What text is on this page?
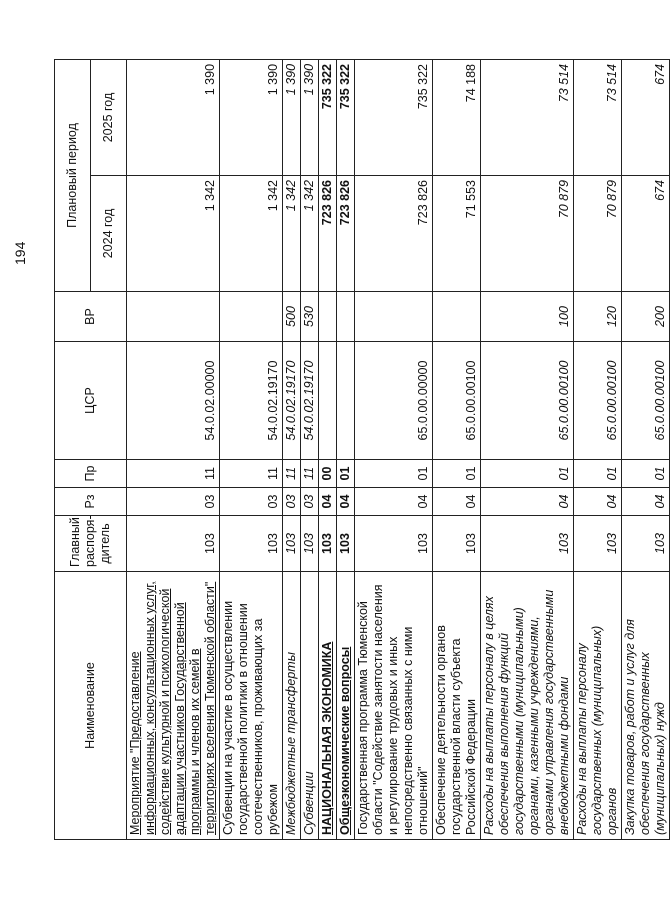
194
Наименование	Главный распоря-дитель	Рз	Пр	ЦСР	ВР	Плановый период	
						2024 год	2025 год
Мероприятие "Предоставление информационных, консультационных услуг, содействие культурной и психологической адаптации участников Государственной программы и членов их семей в территориях вселения Тюменской области"	103	03	11	54.0.02.00000		1 342	1 390
Субвенции на участие в осуществлении государственной политики в отношении соотечественников, проживающих за рубежом	103	03	11	54.0.02.19170		1 342	1 390
Межбюджетные трансферты	103	03	11	54.0.02.19170	500	1 342	1 390
Субвенции	103	03	11	54.0.02.19170	530	1 342	1 390
НАЦИОНАЛЬНАЯ ЭКОНОМИКА	103	04	00			723 826	735 322
Общеэкономические вопросы	103	04	01			723 826	735 322
Государственная программа Тюменской области "Содействие занятости населения и регулирование трудовых и иных непосредственно связанных с ними отношений"	103	04	01	65.0.00.00000		723 826	735 322
Обеспечение деятельности органов государственной власти субъекта Российской Федерации	103	04	01	65.0.00.00100		71 553	74 188
Расходы на выплаты персоналу в целях обеспечения выполнения функций государственными (муниципальными) органами, казенными учреждениями, органами управления государственными внебюджетными фондами	103	04	01	65.0.00.00100	100	70 879	73 514
Расходы на выплаты персоналу государственных (муниципальных) органов	103	04	01	65.0.00.00100	120	70 879	73 514
Закупка товаров, работ и услуг для обеспечения государственных (муниципальных) нужд	103	04	01	65.0.00.00100	200	674	674
